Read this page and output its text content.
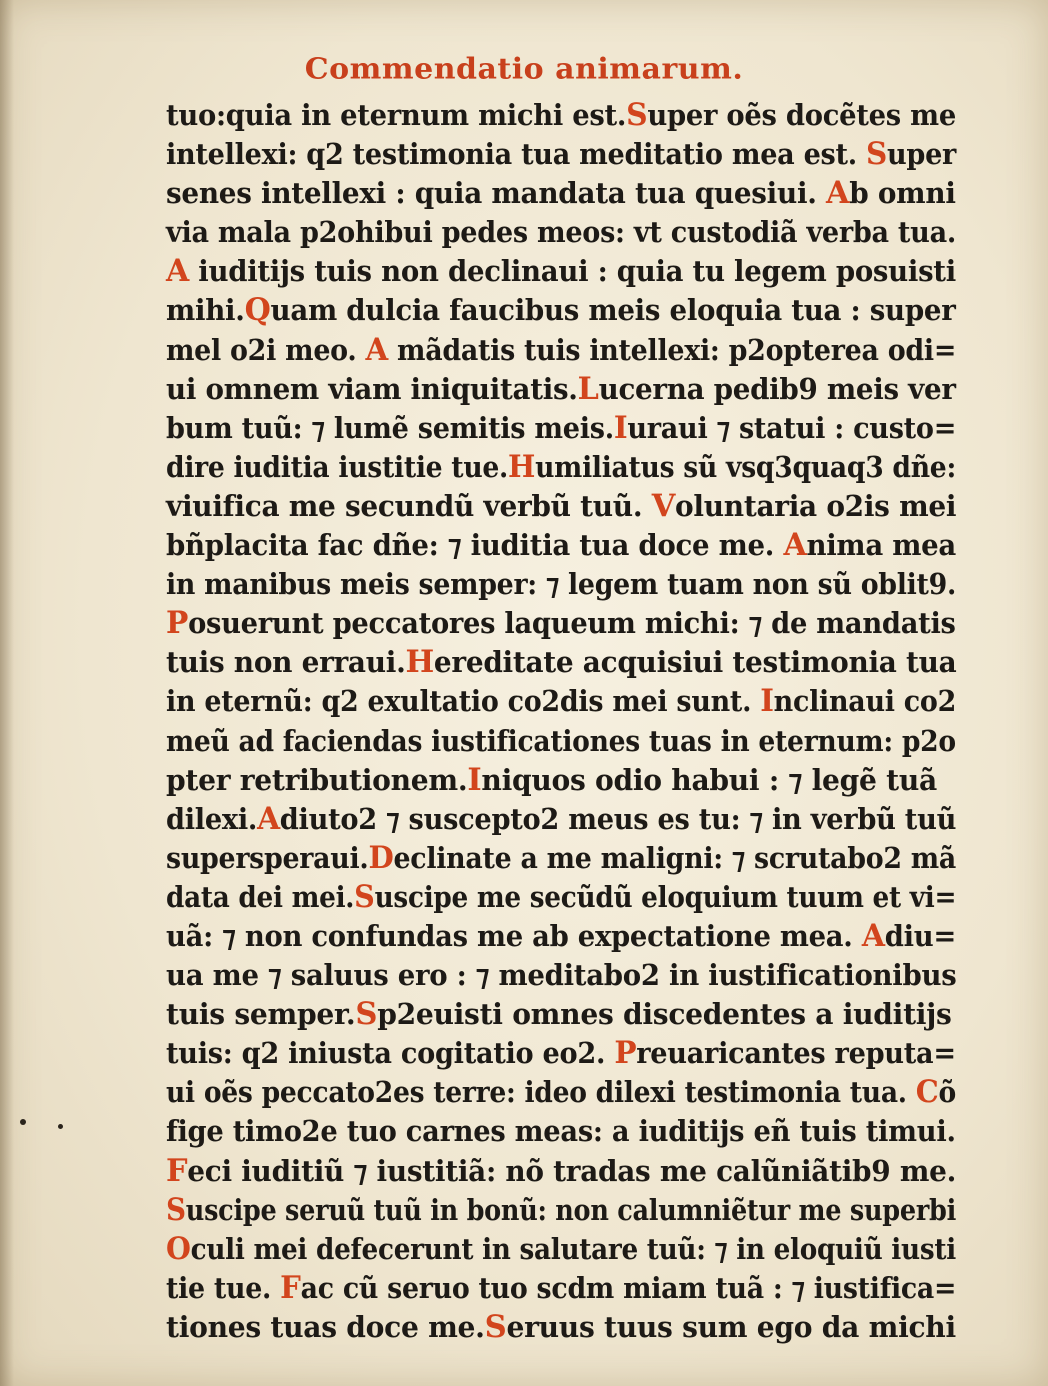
Commendatio animarum.
tuo:quia in eternum michi est.Super oẽs docẽtes me
intellexi: q2 testimonia tua meditatio mea est. Super
senes intellexi : quia mandata tua quesiui. Ab omni
via mala p2ohibui pedes meos: vt custodiã verba tua.
A iuditijs tuis non declinaui : quia tu legem posuisti
mihi.Quam dulcia faucibus meis eloquia tua : super
mel o2i meo. A mãdatis tuis intellexi: p2opterea odi=
ui omnem viam iniquitatis.Lucerna pedib9 meis ver
bum tuũ: ⁊ lumẽ semitis meis.Iuraui ⁊ statui : custo=
dire iuditia iustitie tue.Humiliatus sũ vsq3quaq3 dñe:
viuifica me secundũ verbũ tuũ. Voluntaria o2is mei
bñplacita fac dñe: ⁊ iuditia tua doce me. Anima mea
in manibus meis semper: ⁊ legem tuam non sũ oblit9.
Posuerunt peccatores laqueum michi: ⁊ de mandatis
tuis non erraui.Hereditate acquisiui testimonia tua
in eternũ: q2 exultatio co2dis mei sunt. Inclinaui co2
meũ ad faciendas iustificationes tuas in eternum: p2o
pter retributionem.Iniquos odio habui : ⁊ legẽ tuã
dilexi.Adiuto2 ⁊ suscepto2 meus es tu: ⁊ in verbũ tuũ
supersperaui.Declinate a me maligni: ⁊ scrutabo2 mã
data dei mei.Suscipe me secũdũ eloquium tuum et vi=
uã: ⁊ non confundas me ab expectatione mea. Adiu=
ua me ⁊ saluus ero : ⁊ meditabo2 in iustificationibus
tuis semper.Sp2euisti omnes discedentes a iuditijs
tuis: q2 iniusta cogitatio eo2. Preuaricantes reputa=
ui oẽs peccato2es terre: ideo dilexi testimonia tua. Cõ
fige timo2e tuo carnes meas: a iuditijs eñ tuis timui.
Feci iuditiũ ⁊ iustitiã: nõ tradas me calũniãtib9 me.
Suscipe seruũ tuũ in bonũ: non calumniẽtur me superbi
Oculi mei defecerunt in salutare tuũ: ⁊ in eloquiũ iusti
tie tue. Fac cũ seruo tuo scdm miam tuã : ⁊ iustifica=
tiones tuas doce me.Seruus tuus sum ego da michi
